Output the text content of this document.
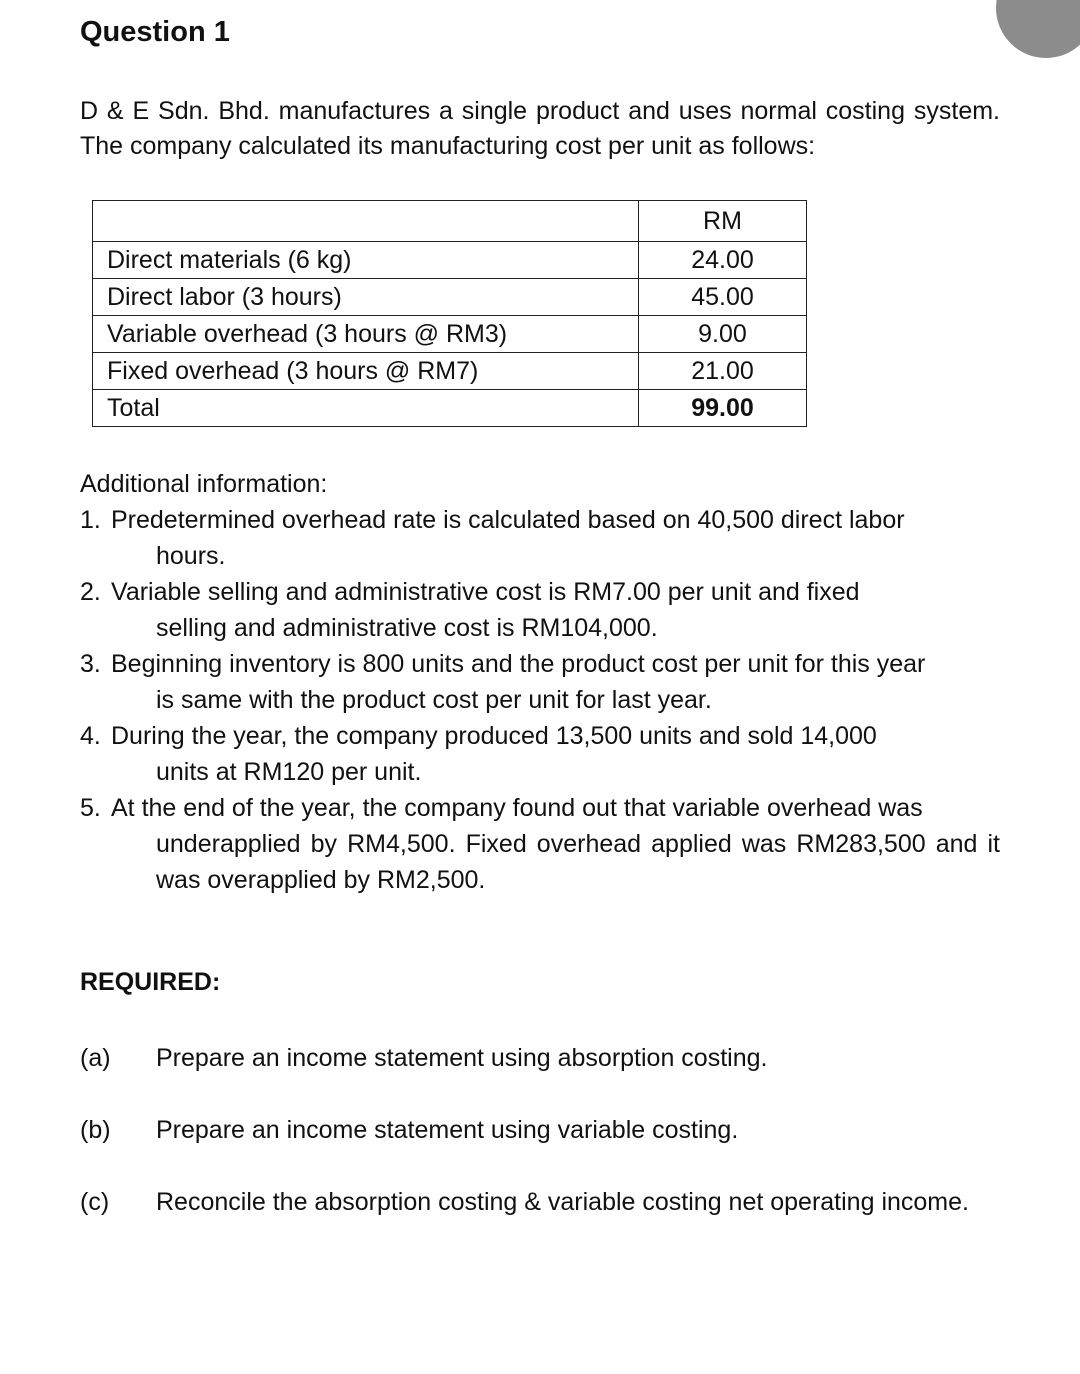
Question 1

D & E Sdn. Bhd. manufactures a single product and uses normal costing system. The company calculated its manufacturing cost per unit as follows:

	RM
Direct materials (6 kg)	24.00
Direct labor (3 hours)	45.00
Variable overhead (3 hours @ RM3)	9.00
Fixed overhead (3 hours @ RM7)	21.00
Total	99.00

Additional information:

1. Predetermined overhead rate is calculated based on 40,500 direct labor
hours.
2. Variable selling and administrative cost is RM7.00 per unit and fixed
selling and administrative cost is RM104,000.
3. Beginning inventory is 800 units and the product cost per unit for this year
is same with the product cost per unit for last year.
4. During the year, the company produced 13,500 units and sold 14,000
units at RM120 per unit.
5. At the end of the year, the company found out that variable overhead was

underapplied by RM4,500. Fixed overhead applied was RM283,500 and it was overapplied by RM2,500.

REQUIRED:

(a)	Prepare an income statement using absorption costing.
(b)	Prepare an income statement using variable costing.
(c)	Reconcile the absorption costing & variable costing net operating income.
